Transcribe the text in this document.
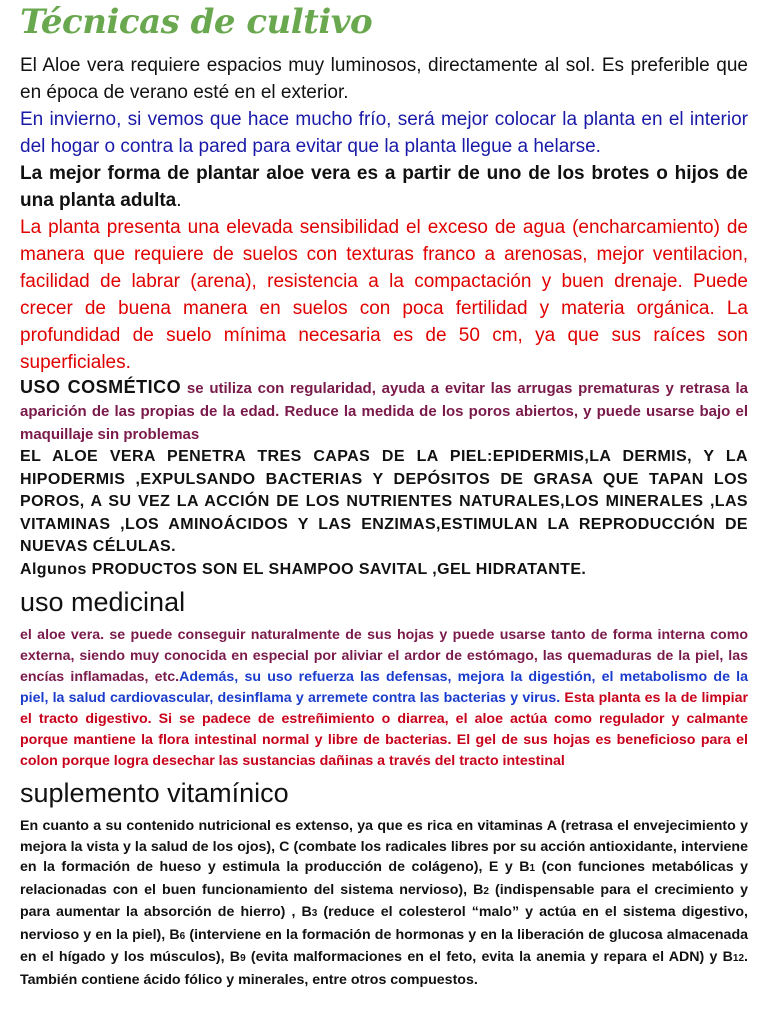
Técnicas de cultivo

El Aloe vera requiere espacios muy luminosos, directamente al sol. Es preferible que en época de verano esté en el exterior.

En invierno, si vemos que hace mucho frío, será mejor colocar la planta en el interior del hogar o contra la pared para evitar que la planta llegue a helarse.

La mejor forma de plantar aloe vera es a partir de uno de los brotes o hijos de una planta adulta.

La planta presenta una elevada sensibilidad el exceso de agua (encharcamiento) de manera que requiere de suelos con texturas franco a arenosas, mejor ventilacion, facilidad de labrar (arena), resistencia a la compactación y buen drenaje. Puede crecer de buena manera en suelos con poca fertilidad y materia orgánica. La profundidad de suelo mínima necesaria es de 50 cm, ya que sus raíces son superficiales.

USO COSMÉTICO se utiliza con regularidad, ayuda a evitar las arrugas prematuras y retrasa la aparición de las propias de la edad. Reduce la medida de los poros abiertos, y puede usarse bajo el maquillaje sin problemas

EL ALOE VERA PENETRA TRES CAPAS DE LA PIEL:EPIDERMIS,LA DERMIS, Y LA HIPODERMIS ,EXPULSANDO BACTERIAS Y DEPÓSITOS DE GRASA QUE TAPAN LOS POROS, A SU VEZ LA ACCIÓN DE LOS NUTRIENTES NATURALES,LOS MINERALES ,LAS VITAMINAS ,LOS AMINOÁCIDOS Y LAS ENZIMAS,ESTIMULAN LA REPRODUCCIÓN DE NUEVAS CÉLULAS.

Algunos PRODUCTOS SON EL SHAMPOO SAVITAL ,GEL HIDRATANTE.

uso medicinal

el aloe vera. se puede conseguir naturalmente de sus hojas y puede usarse tanto de forma interna como externa, siendo muy conocida en especial por aliviar el ardor de estómago, las quemaduras de la piel, las encías inflamadas, etc.Además, su uso refuerza las defensas, mejora la digestión, el metabolismo de la piel, la salud cardiovascular, desinflama y arremete contra las bacterias y virus. Esta planta es la de limpiar el tracto digestivo. Si se padece de estreñimiento o diarrea, el aloe actúa como regulador y calmante porque mantiene la flora intestinal normal y libre de bacterias. El gel de sus hojas es beneficioso para el colon porque logra desechar las sustancias dañinas a través del tracto intestinal

suplemento vitamínico

En cuanto a su contenido nutricional es extenso, ya que es rica en vitaminas A (retrasa el envejecimiento y mejora la vista y la salud de los ojos), C (combate los radicales libres por su acción antioxidante, interviene en la formación de hueso y estimula la producción de colágeno), E y B1 (con funciones metabólicas y relacionadas con el buen funcionamiento del sistema nervioso), B2 (indispensable para el crecimiento y para aumentar la absorción de hierro) , B3 (reduce el colesterol “malo” y actúa en el sistema digestivo, nervioso y en la piel), B6 (interviene en la formación de hormonas y en la liberación de glucosa almacenada en el hígado y los músculos), B9 (evita malformaciones en el feto, evita la anemia y repara el ADN) y B12. También contiene ácido fólico y minerales, entre otros compuestos.
